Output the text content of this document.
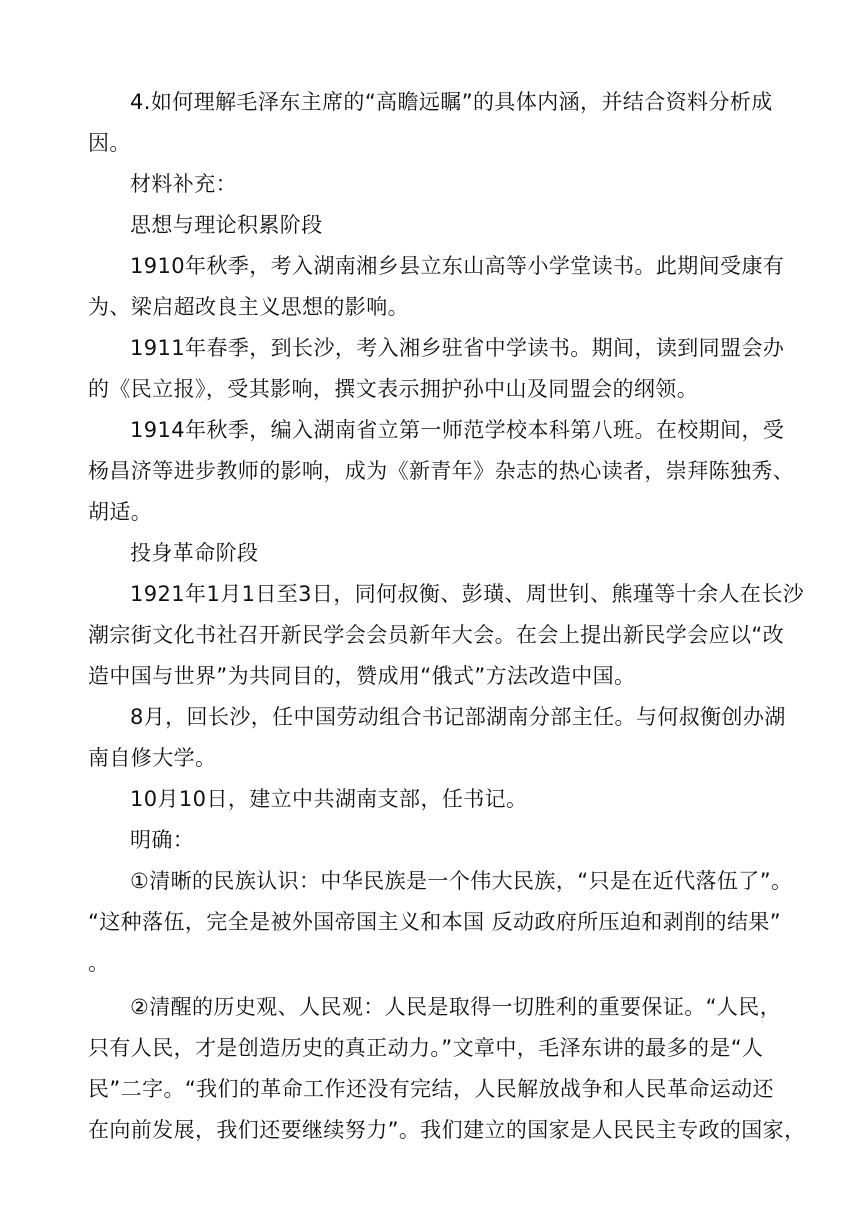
4.如何理解毛泽东主席的“高瞻远瞩”的具体内涵，并结合资料分析成
因。
材料补充：
思想与理论积累阶段
1910年秋季，考入湖南湘乡县立东山高等小学堂读书。此期间受康有
为、梁启超改良主义思想的影响。
1911年春季，到长沙，考入湘乡驻省中学读书。期间，读到同盟会办
的《民立报》，受其影响，撰文表示拥护孙中山及同盟会的纲领。
1914年秋季，编入湖南省立第一师范学校本科第八班。在校期间，受
杨昌济等进步教师的影响，成为《新青年》杂志的热心读者，崇拜陈独秀、
胡适。
投身革命阶段
1921年1月1日至3日，同何叔衡、彭璜、周世钊、熊瑾等十余人在长沙
潮宗街文化书社召开新民学会会员新年大会。在会上提出新民学会应以“改
造中国与世界”为共同目的，赞成用“俄式”方法改造中国。
8月，回长沙，任中国劳动组合书记部湖南分部主任。与何叔衡创办湖
南自修大学。
10月10日，建立中共湖南支部，任书记。
明确：
①清晰的民族认识：中华民族是一个伟大民族，“只是在近代落伍了”。
“这种落伍，完全是被外国帝国主义和本国 反动政府所压迫和剥削的结果”
。
②清醒的历史观、人民观：人民是取得一切胜利的重要保证。“人民，
只有人民，才是创造历史的真正动力。”文章中，毛泽东讲的最多的是“人
民”二字。“我们的革命工作还没有完结，人民解放战争和人民革命运动还
在向前发展，我们还要继续努力”。我们建立的国家是人民民主专政的国家，
